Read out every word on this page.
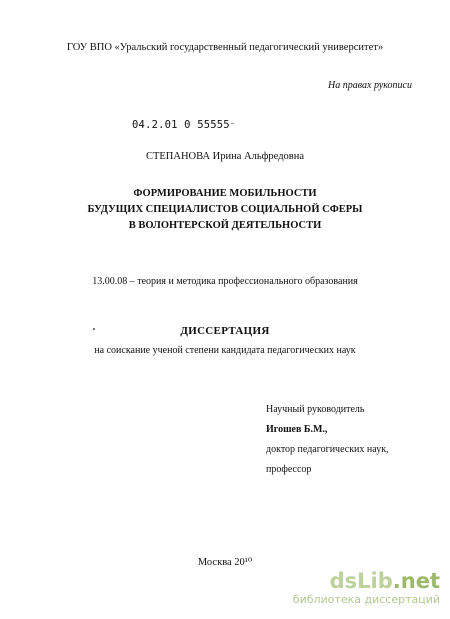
ГОУ ВПО «Уральский государственный педагогический университет»
На правах рукописи
04.2.01 0 55555⁻
СТЕПАНОВА Ирина Альфредовна
ФОРМИРОВАНИЕ МОБИЛЬНОСТИ
БУДУЩИХ СПЕЦИАЛИСТОВ СОЦИАЛЬНОЙ СФЕРЫ
В ВОЛОНТЕРСКОЙ ДЕЯТЕЛЬНОСТИ
13.00.08 – теория и методика профессионального образования
ДИССЕРТАЦИЯ
на соискание ученой степени кандидата педагогических наук
Научный руководитель
Игошев Б.М.,
доктор педагогических наук,
профессор
Москва 20¹⁰
dsLib.net
библиотека диссертаций
